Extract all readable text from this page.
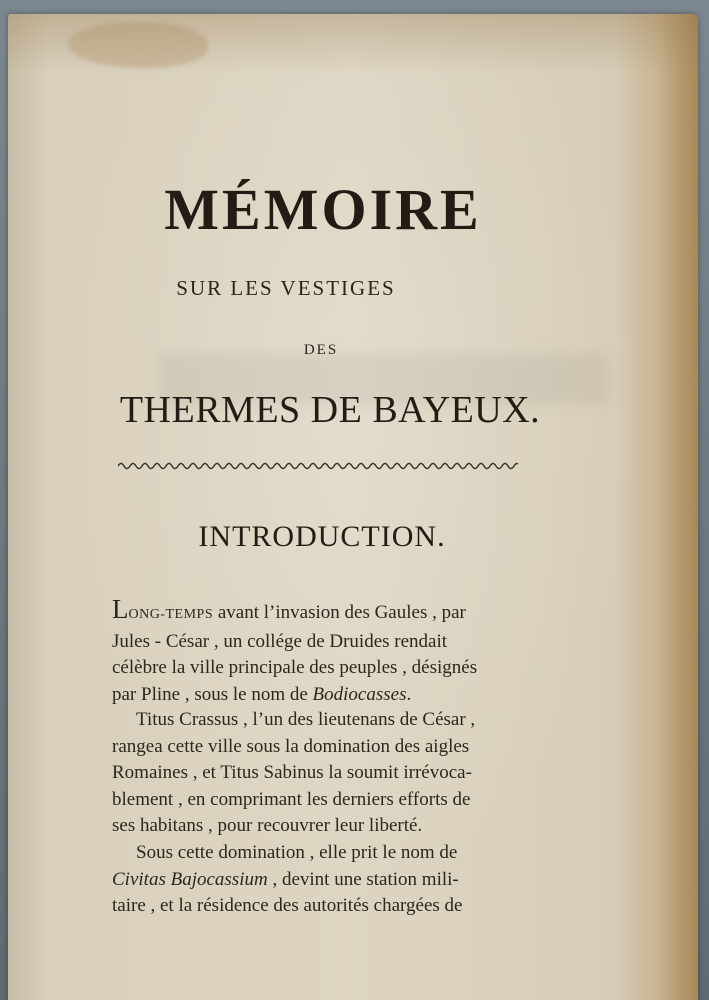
MÉMOIRE
SUR LES VESTIGES
DES
THERMES DE BAYEUX.
INTRODUCTION.
LONG-TEMPS avant l’invasion des Gaules , par
Jules - César , un collége de Druides rendait
célèbre la ville principale des peuples , désignés
par Pline , sous le nom de Bodiocasses.
Titus Crassus , l’un des lieutenans de César ,
rangea cette ville sous la domination des aigles
Romaines , et Titus Sabinus la soumit irrévoca-
blement , en comprimant les derniers efforts de
ses habitans , pour recouvrer leur liberté.
Sous cette domination , elle prit le nom de
Civitas Bajocassium , devint une station mili-
taire , et la résidence des autorités chargées de
